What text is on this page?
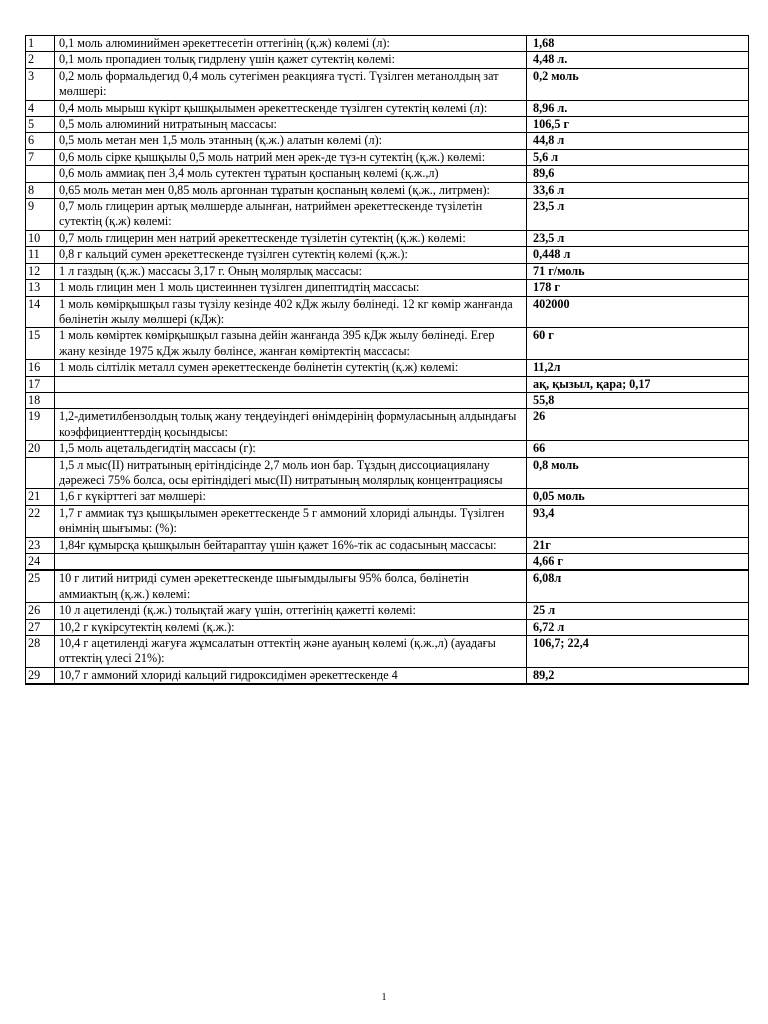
1	0,1 моль алюминиймен әрекеттесетін оттегінің (қ.ж) көлемі (л):	1,68
2	0,1 моль пропадиен толық гидрлену үшін қажет сутектің көлемі:	4,48 л.
3	0,2 моль формальдегид 0,4 моль сутегімен реакцияға түсті. Түзілген метанолдың зат мөлшері:	0,2 моль
4	0,4 моль мырыш күкірт қышқылымен әрекеттескенде түзілген сутектің көлемі (л):	8,96 л.
5	0,5 моль алюминий нитратының массасы:	106,5 г
6	0,5 моль метан мен 1,5 моль этанның (қ.ж.) алатын көлемі (л):	44,8 л
7	0,6 моль сірке қышқылы 0,5 моль натрий мен әрек-де түз-н сутектің (қ.ж.) көлемі:	5,6 л
	0,6 моль аммиақ пен 3,4 моль сутектен тұратын қоспаның көлемі (қ.ж.,л)	89,6
8	0,65 моль метан мен 0,85 моль аргоннан тұратын қоспаның көлемі (қ.ж., литрмен):	33,6 л
9	0,7 моль глицерин артық мөлшерде алынған, натриймен әрекеттескенде түзілетін сутектің (қ.ж) көлемі:	23,5 л
10	0,7 моль глицерин мен натрий әрекеттескенде түзілетін сутектің (қ.ж.) көлемі:	23,5 л
11	0,8 г кальций сумен әрекеттескенде түзілген сутектің көлемі (қ.ж.):	0,448 л
12	1 л газдың (қ.ж.) массасы 3,17 г. Оның молярлық массасы:	71 г/моль
13	1 моль глицин мен 1 моль цистеиннен түзілген дипептидтің массасы:	178 г
14	1 моль көмірқышқыл газы түзілу кезінде 402 кДж жылу бөлінеді. 12 кг көмір жанғанда бөлінетін жылу мөлшері (кДж):	402000
15	1 моль көміртек көмірқышқыл газына дейін жанғанда 395 кДж жылу бөлінеді. Егер жану кезінде 1975 кДж жылу бөлінсе, жанған көміртектің массасы:	60 г
16	1 моль сілтілік металл сумен әрекеттескенде бөлінетін сутектің (қ.ж) көлемі:	11,2л
17		ақ, қызыл, қара; 0,17
18		55,8
19	1,2-диметилбензолдың толық жану теңдеуіндегі өнімдерінің формуласының алдындағы коэффициенттердің қосындысы:	26
20	1,5 моль ацетальдегидтің массасы (г):	66
	1,5 л мыс(II) нитратының ерітіндісінде 2,7 моль ион бар. Тұздың диссоциациялану дәрежесі 75% болса, осы ерітіндідегі мыс(II) нитратының молярлық концентрациясы	0,8 моль
21	1,6 г күкірттегі зат мөлшері:	0,05 моль
22	1,7 г аммиак тұз қышқылымен әрекеттескенде 5 г аммоний хлориді алынды. Түзілген өнімнің шығымы: (%):	93,4
23	1,84г құмырсқа қышқылын бейтараптау үшін қажет 16%-тік ас содасының массасы:	21г
24		4,66 г

25	10 г литий нитриді сумен әрекеттескенде шығымдылығы 95% болса, бөлінетін аммиактың (қ.ж.) көлемі:	6,08л
26	10 л ацетиленді (қ.ж.) толықтай жағу үшін, оттегінің қажетті көлемі:	25 л
27	10,2 г күкірсутектің көлемі (қ.ж.):	6,72 л
28	10,4 г ацетиленді жағуға жұмсалатын оттектің және ауаның көлемі (қ.ж.,л) (ауадағы оттектің үлесі 21%):	106,7; 22,4
29	10,7 г аммоний хлориді кальций гидроксидімен әрекеттескенде 4	89,2

1
